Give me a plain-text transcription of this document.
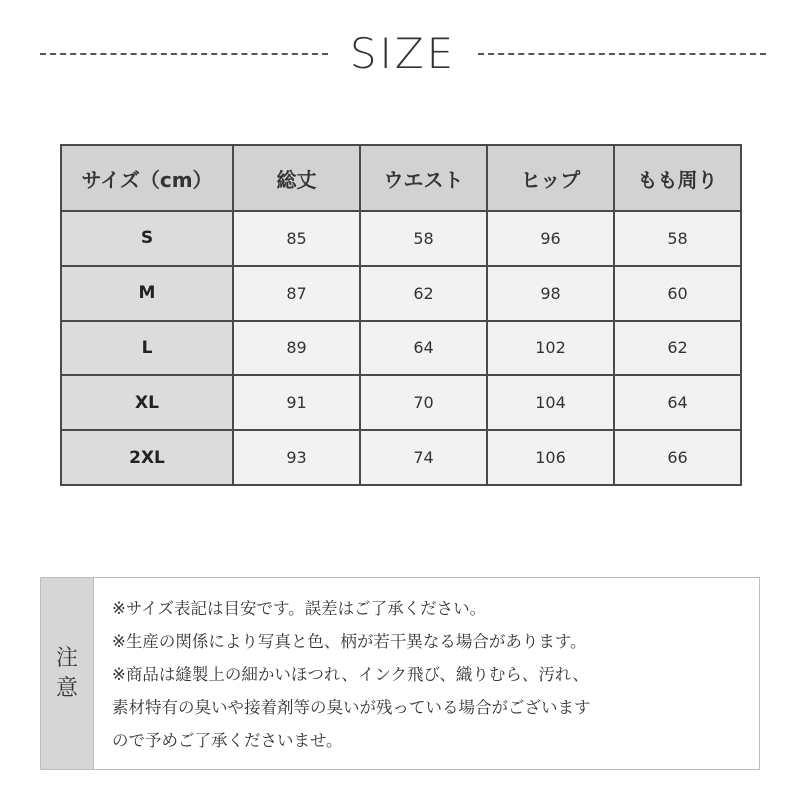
SIZE
サイズ（cm）	総丈	ウエスト	ヒップ	もも周り
S	85	58	96	58
M	87	62	98	60
L	89	64	102	62
XL	91	70	104	64
2XL	93	74	106	66
注
意
※サイズ表記は目安です。誤差はご了承ください。
※生産の関係により写真と色、柄が若干異なる場合があります。
※商品は縫製上の細かいほつれ、インク飛び、織りむら、汚れ、
素材特有の臭いや接着剤等の臭いが残っている場合がございます
ので予めご了承くださいませ。
